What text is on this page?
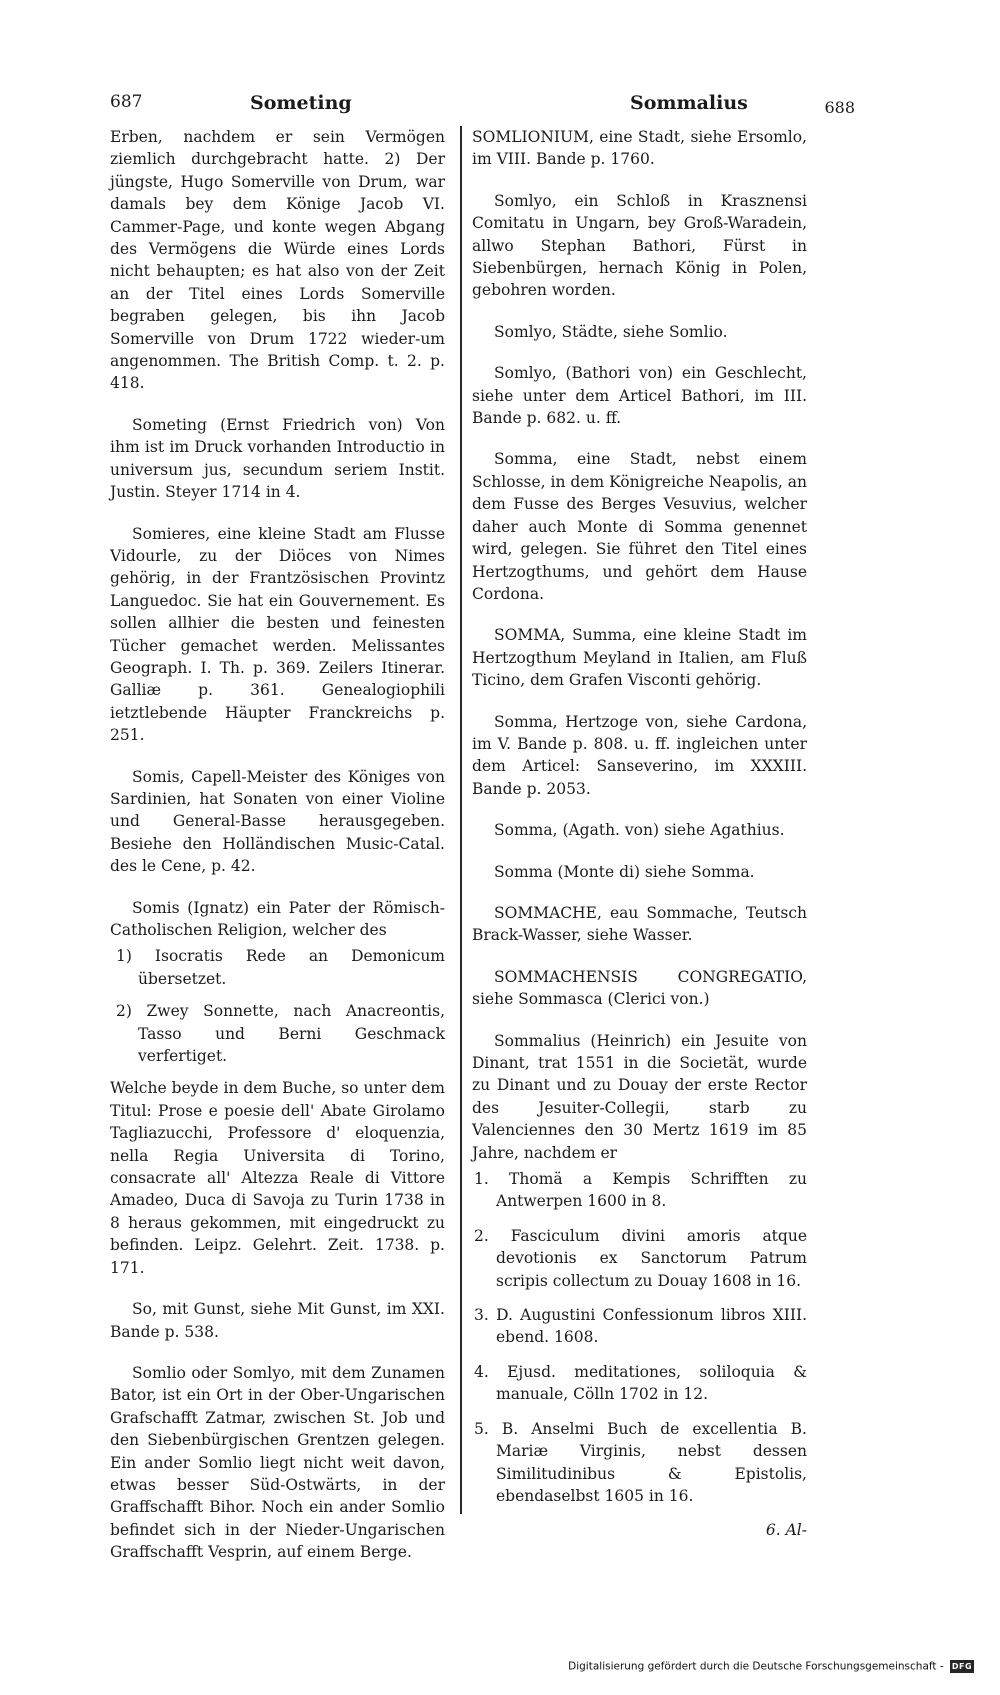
687	Someting	Sommalius	688

Erben, nachdem er sein Vermögen ziemlich durchgebracht hatte. 2) Der jüngste, Hugo Somerville von Drum, war damals bey dem Könige Jacob VI. Cammer-Page, und konte wegen Abgang des Vermögens die Würde eines Lords nicht behaupten; es hat also von der Zeit an der Titel eines Lords Somerville begraben gelegen, bis ihn Jacob Somerville von Drum 1722 wieder-um angenommen. The British Comp. t. 2. p. 418.

Someting (Ernst Friedrich von) Von ihm ist im Druck vorhanden Introductio in universum jus, secundum seriem Instit. Justin. Steyer 1714 in 4.

Somieres, eine kleine Stadt am Flusse Vidourle, zu der Diöces von Nimes gehörig, in der Frantzösischen Provintz Languedoc. Sie hat ein Gouvernement. Es sollen allhier die besten und feinesten Tücher gemachet werden. Melissantes Geograph. I. Th. p. 369. Zeilers Itinerar. Galliæ p. 361. Genealogiophili ietztlebende Häupter Franckreichs p. 251.

Somis, Capell-Meister des Königes von Sardinien, hat Sonaten von einer Violine und General-Basse herausgegeben. Besiehe den Holländischen Music-Catal. des le Cene, p. 42.

Somis (Ignatz) ein Pater der Römisch-Catholischen Religion, welcher des

1) Isocratis Rede an Demonicum übersetzet.

2) Zwey Sonnette, nach Anacreontis, Tasso und Berni Geschmack verfertiget.

Welche beyde in dem Buche, so unter dem Titul: Prose e poesie dell' Abate Girolamo Tagliazucchi, Professore d' eloquenzia, nella Regia Universita di Torino, consacrate all' Altezza Reale di Vittore Amadeo, Duca di Savoja zu Turin 1738 in 8 heraus gekommen, mit eingedruckt zu befinden. Leipz. Gelehrt. Zeit. 1738. p. 171.

So, mit Gunst, siehe Mit Gunst, im XXI. Bande p. 538.

Somlio oder Somlyo, mit dem Zunamen Bator, ist ein Ort in der Ober-Ungarischen Grafschafft Zatmar, zwischen St. Job und den Siebenbürgischen Grentzen gelegen. Ein ander Somlio liegt nicht weit davon, etwas besser Süd-Ostwärts, in der Graffschafft Bihor. Noch ein ander Somlio befindet sich in der Nieder-Ungarischen Graffschafft Vesprin, auf einem Berge.

SOMLIONIUM, eine Stadt, siehe Ersomlo, im VIII. Bande p. 1760.

Somlyo, ein Schloß in Krasznensi Comitatu in Ungarn, bey Groß-Waradein, allwo Stephan Bathori, Fürst in Siebenbürgen, hernach König in Polen, gebohren worden.

Somlyo, Städte, siehe Somlio.

Somlyo, (Bathori von) ein Geschlecht, siehe unter dem Articel Bathori, im III. Bande p. 682. u. ff.

Somma, eine Stadt, nebst einem Schlosse, in dem Königreiche Neapolis, an dem Fusse des Berges Vesuvius, welcher daher auch Monte di Somma genennet wird, gelegen. Sie führet den Titel eines Hertzogthums, und gehört dem Hause Cordona.

SOMMA, Summa, eine kleine Stadt im Hertzogthum Meyland in Italien, am Fluß Ticino, dem Grafen Visconti gehörig.

Somma, Hertzoge von, siehe Cardona, im V. Bande p. 808. u. ff. ingleichen unter dem Articel: Sanseverino, im XXXIII. Bande p. 2053.

Somma, (Agath. von) siehe Agathius.

Somma (Monte di) siehe Somma.

SOMMACHE, eau Sommache, Teutsch Brack-Wasser, siehe Wasser.

SOMMACHENSIS CONGREGATIO, siehe Sommasca (Clerici von.)

Sommalius (Heinrich) ein Jesuite von Dinant, trat 1551 in die Societät, wurde zu Dinant und zu Douay der erste Rector des Jesuiter-Collegii, starb zu Valenciennes den 30 Mertz 1619 im 85 Jahre, nachdem er

1. Thomä a Kempis Schrifften zu Antwerpen 1600 in 8.

2. Fasciculum divini amoris atque devotionis ex Sanctorum Patrum scripis collectum zu Douay 1608 in 16.

3. D. Augustini Confessionum libros XIII. ebend. 1608.

4. Ejusd. meditationes, soliloquia & manuale, Cölln 1702 in 12.

5. B. Anselmi Buch de excellentia B. Mariæ Virginis, nebst dessen Similitudinibus & Epistolis, ebendaselbst 1605 in 16.

6. Al-

Digitalisierung gefördert durch die Deutsche Forschungsgemeinschaft - DFG
